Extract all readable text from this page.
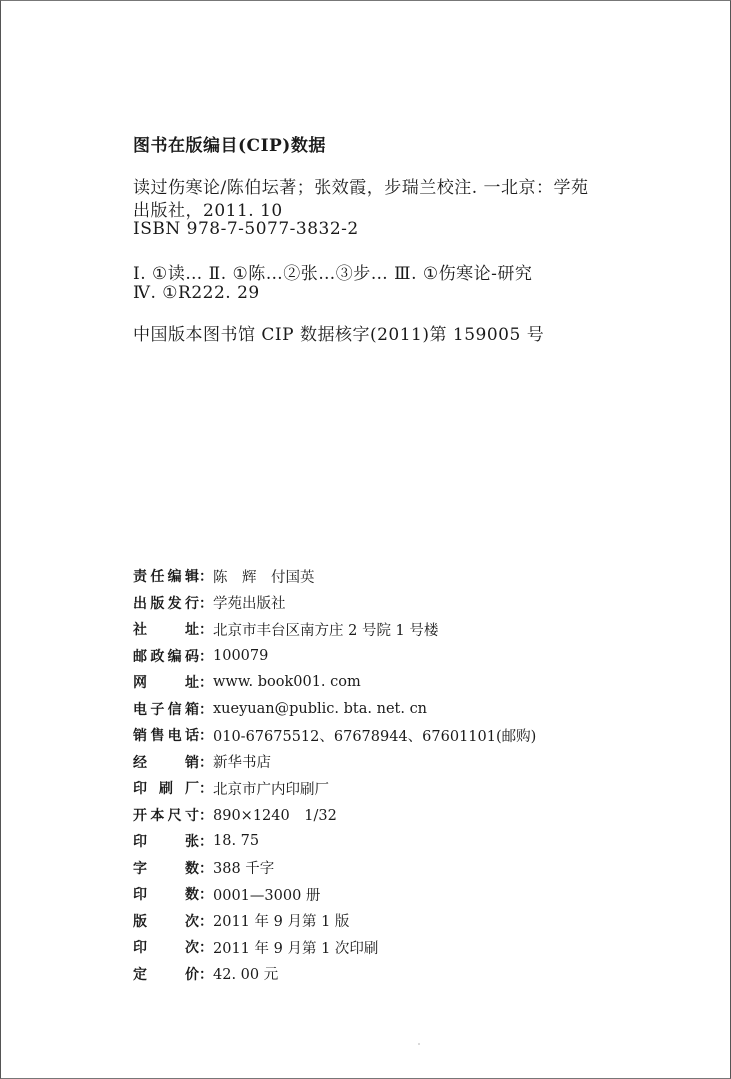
图书在版编目(CIP)数据
读过伤寒论/陈伯坛著；张效霞，步瑞兰校注. 一北京：学苑
出版社，2011. 10
ISBN 978-7-5077-3832-2
Ⅰ. ①读… Ⅱ. ①陈…②张…③步… Ⅲ. ①伤寒论-研究
Ⅳ. ①R222. 29
中国版本图书馆 CIP 数据核字(2011)第 159005 号
责任编辑 ： 陈　辉　付国英
出版发行 ： 学苑出版社
社址 ： 北京市丰台区南方庄 2 号院 1 号楼
邮政编码 ： 100079
网址 ： www. book001. com
电子信箱 ： xueyuan@public. bta. net. cn
销售电话 ： 010-67675512、67678944、67601101(邮购)
经销 ： 新华书店
印刷厂 ： 北京市广内印刷厂
开本尺寸 ： 890×1240　1/32
印张 ： 18. 75
字数 ： 388 千字
印数 ： 0001—3000 册
版次 ： 2011 年 9 月第 1 版
印次 ： 2011 年 9 月第 1 次印刷
定价 ： 42. 00 元
